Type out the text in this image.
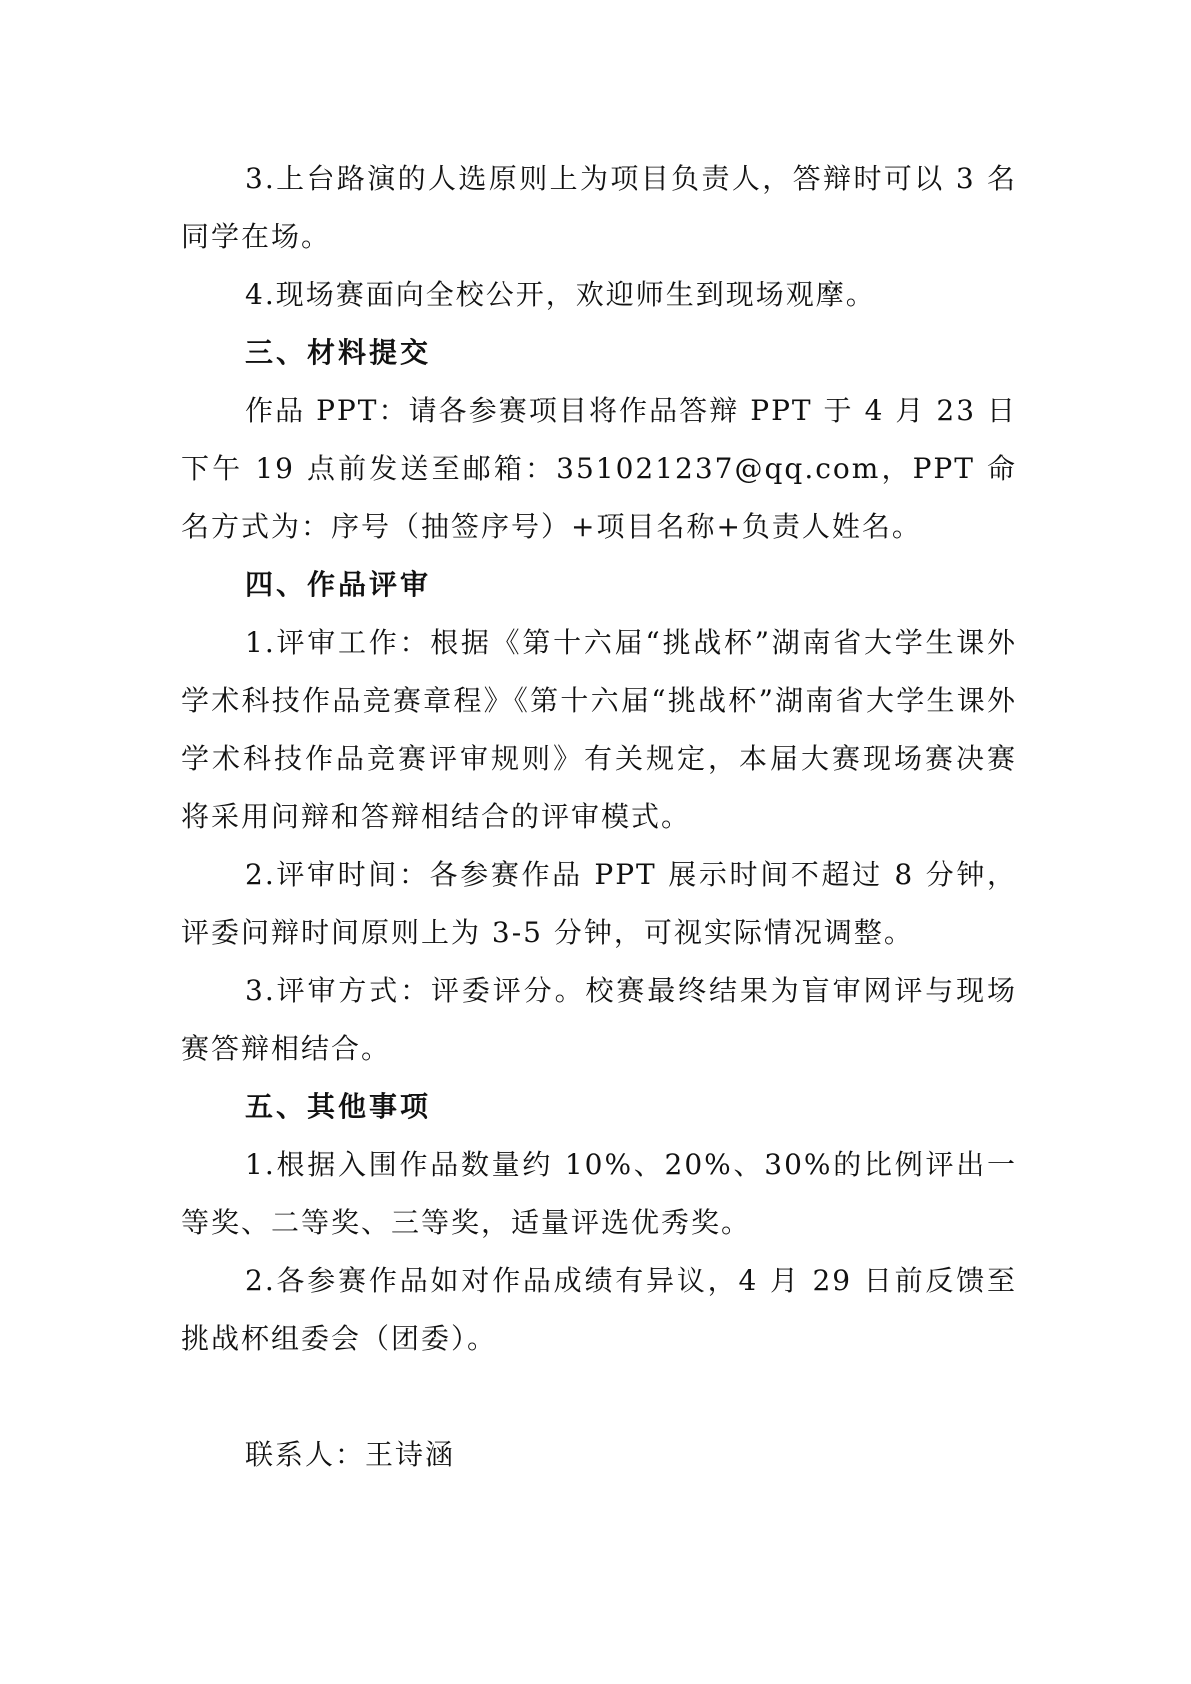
3.上台路演的人选原则上为项目负责人，答辩时可以 3 名同学在场。

4.现场赛面向全校公开，欢迎师生到现场观摩。

三、材料提交

作品 PPT：请各参赛项目将作品答辩 PPT 于 4 月 23 日下午 19 点前发送至邮箱：351021237@qq.com，PPT 命名方式为：序号（抽签序号）+项目名称+负责人姓名。

四、作品评审

1.评审工作：根据《第十六届“挑战杯”湖南省大学生课外学术科技作品竞赛章程》《第十六届“挑战杯”湖南省大学生课外学术科技作品竞赛评审规则》有关规定，本届大赛现场赛决赛将采用问辩和答辩相结合的评审模式。

2.评审时间：各参赛作品 PPT 展示时间不超过 8 分钟，评委问辩时间原则上为 3-5 分钟，可视实际情况调整。

3.评审方式：评委评分。校赛最终结果为盲审网评与现场赛答辩相结合。

五、其他事项

1.根据入围作品数量约 10%、20%、30%的比例评出一等奖、二等奖、三等奖，适量评选优秀奖。

2.各参赛作品如对作品成绩有异议，4 月 29 日前反馈至挑战杯组委会（团委）。

联系人：王诗涵
